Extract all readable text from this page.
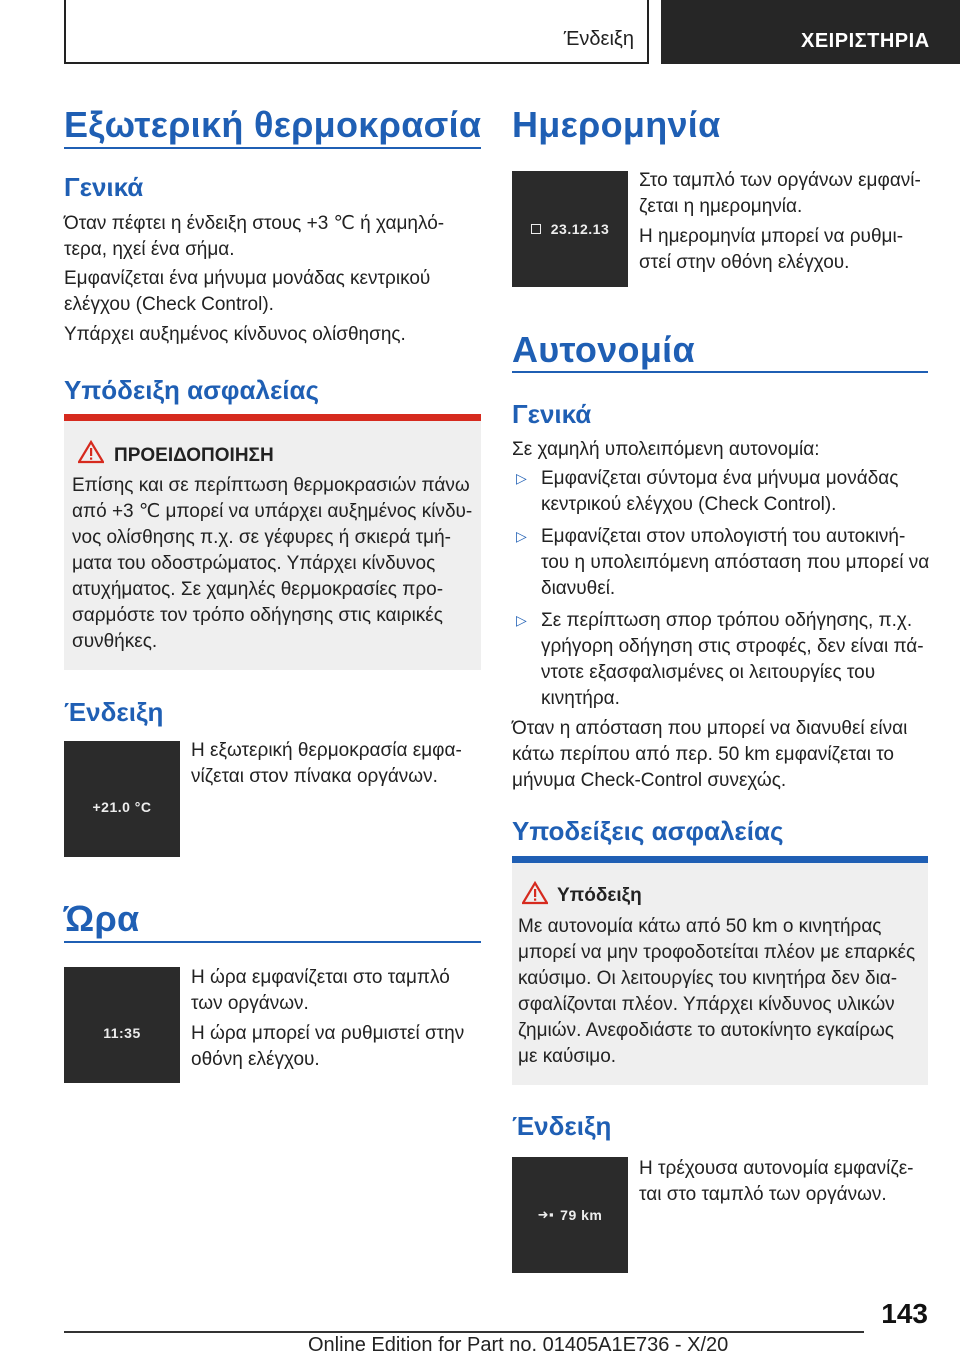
Ένδειξη	ΧΕΙΡΙΣΤΗΡΙΑ
Εξωτερική θερμοκρασία
Γενικά
Όταν πέφτει η ένδειξη στους +3 ℃ ή χαμηλό-
τερα, ηχεί ένα σήμα.
Εμφανίζεται ένα μήνυμα μονάδας κεντρικού
ελέγχου (Check Control).
Υπάρχει αυξημένος κίνδυνος ολίσθησης.
Υπόδειξη ασφαλείας
ΠΡΟΕΙΔΟΠΟΙΗΣΗ
Επίσης και σε περίπτωση θερμοκρασιών πάνω
από +3 ℃ μπορεί να υπάρχει αυξημένος κίνδυ-
νος ολίσθησης π.χ. σε γέφυρες ή σκιερά τμή-
ματα του οδοστρώματος. Υπάρχει κίνδυνος
ατυχήματος. Σε χαμηλές θερμοκρασίες προ-
σαρμόστε τον τρόπο οδήγησης στις καιρικές
συνθήκες.
Ένδειξη
+21.0 °C
Η εξωτερική θερμοκρασία εμφα-
νίζεται στον πίνακα οργάνων.
Ώρα
11:35
Η ώρα εμφανίζεται στο ταμπλό
των οργάνων.
Η ώρα μπορεί να ρυθμιστεί στην
οθόνη ελέγχου.
Ημερομηνία
23.12.13
Στο ταμπλό των οργάνων εμφανί-
ζεται η ημερομηνία.
Η ημερομηνία μπορεί να ρυθμι-
στεί στην οθόνη ελέγχου.
Αυτονομία
Γενικά
Σε χαμηλή υπολειπόμενη αυτονομία:
▷ Εμφανίζεται σύντομα ένα μήνυμα μονάδας
κεντρικού ελέγχου (Check Control).
▷ Εμφανίζεται στον υπολογιστή του αυτοκινή-
του η υπολειπόμενη απόσταση που μπορεί να
διανυθεί.
▷ Σε περίπτωση σπορ τρόπου οδήγησης, π.χ.
γρήγορη οδήγηση στις στροφές, δεν είναι πά-
ντοτε εξασφαλισμένες οι λειτουργίες του
κινητήρα.
Όταν η απόσταση που μπορεί να διανυθεί είναι
κάτω περίπου από περ. 50 km εμφανίζεται το
μήνυμα Check-Control συνεχώς.
Υποδείξεις ασφαλείας
Υπόδειξη
Με αυτονομία κάτω από 50 km ο κινητήρας
μπορεί να μην τροφοδοτείται πλέον με επαρκές
καύσιμο. Οι λειτουργίες του κινητήρα δεν δια-
σφαλίζονται πλέον. Υπάρχει κίνδυνος υλικών
ζημιών. Ανεφοδιάστε το αυτοκίνητο εγκαίρως
με καύσιμο.
Ένδειξη
➜▪ 79 km
Η τρέχουσα αυτονομία εμφανίζε-
ται στο ταμπλό των οργάνων.
143
Online Edition for Part no. 01405A1E736 - X/20
